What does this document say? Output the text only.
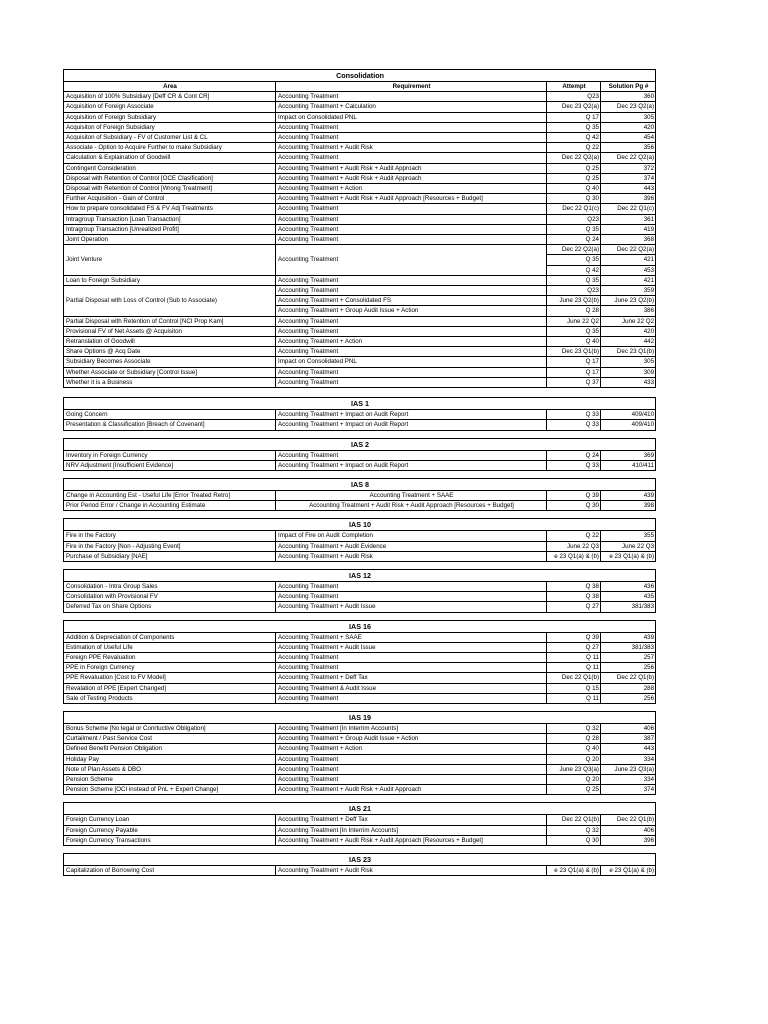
Consolidation			
Area	Requirement	Attempt	Solution Pg #
Acquisition of 100% Subsidiary [Deff CR & Cont CR]	Accounting Treatment	Q23	360
Acquisition of Foreign Associate	Accounting Treatment + Calculation	Dec 23 Q2(a)	Dec 23 Q2(a)
Acquisition of Foreign Subsidiary	Impact on Consolidated PNL	Q 17	305
Acquisiton of Foreign Subsidiary	Accounting Treatment	Q 35	420
Acquisiton of Subsidiary - FV of Customer List & CL	Accounting Treatment	Q 42	454
Associate - Option to Acquire Further to make Subsidiary	Accounting Treatment + Audit Risk	Q 22	356
Calculation & Explaination of Goodwill	Accounting Treatment	Dec 22 Q2(a)	Dec 22 Q2(a)
Contingent Consideration	Accounting Treatment + Audit Risk + Audit Approach	Q 25	372
Disposal with Retention of Control [OCE Clasification]	Accounting Treatment + Audit Risk + Audit Approach	Q 25	374
Disposal with Retention of Control [Wrong Treatment]	Accounting Treatment + Action	Q 40	443
Further Acquisition - Gain of Control	Accounting Treatment + Audit Risk + Audit Approach [Resources + Budget]	Q 30	396
How to prepare consolidated FS & FV Adj Treatments	Accounting Treatment	Dec 22 Q1(c)	Dec 22 Q1(c)
Intragroup Transaction [Loan Transaction]	Accounting Treatment	Q23	361
Intragroup Transaction [Unrealized Profit]	Accounting Treatment	Q 35	419
Joint Operation	Accounting Treatment	Q 24	368
Joint Venture	Accounting Treatment	Dec 22 Q2(a)	Dec 22 Q2(a)
		Q 35	421
		Q 42	453
Loan to Foreign Subsidiary	Accounting Treatment	Q 35	421
Partial Disposal with Loss of Control (Sub to Associate)	Accounting Treatment	Q23	359
	Accounting Treatment + Consolidated FS	June 23 Q2(b)	June 23 Q2(b)
	Accounting Treatment + Group Audit Issue + Action	Q 28	386
Partial Disposal with Retention of Control [NCI Prop Kam]	Accounting Treatment	June 22 Q2	June 22 Q2
Provisional FV of Net Assets @ Acquisiton	Accounting Treatment	Q 35	420
Retranslation of Goodwill	Accounting Treatment + Action	Q 40	442
Share Options @ Acq Date	Accounting Treatment	Dec 23 Q1(b)	Dec 23 Q1(b)
Subsidiary Becomes Associate	Impact on Consolidated PNL	Q 17	305
Whether Associate or Subsidiary [Control Issue]	Accounting Treatment	Q 17	309
Whether it is a Business	Accounting Treatment	Q 37	433
IAS 1			
Going Concern	Accounting Treatment + Impact on Audit Report	Q 33	409/410
Presentation & Classification [Breach of Covenant]	Accounting Treatment + Impact on Audit Report	Q 33	409/410
IAS 2			
Inventory in Foreign Currency	Accounting Treatment	Q 24	369
NRV Adjustment [Insufficient Evidence]	Accounting Treatment + Impact on Audit Report	Q 33	410/411
IAS 8			
Change in Accounting Est - Useful Life [Error Treated Retro]	Accounting Treatment + SAAE	Q 39	439
Prior Period Error / Change in Accounting Estimate	Accounting Treatment + Audit Risk + Audit Approach [Resources + Budget]	Q 30	398
IAS 10			
Fire in the Factory	Impact of Fire on Audit Completion	Q 22	355
Fire in the Factory [Non - Adjusting Event]	Accounting Treatment + Audit Evidence	June 22 Q3	June 22 Q3
Purchase of Subsidiary [NAE]	Accounting Treatment + Audit Risk	e 23 Q1(a) & (b)	e 23 Q1(a) & (b)
IAS 12			
Consolidation - Intra Group Sales	Accounting Treatment	Q 38	436
Consolidation with Provisional FV	Accounting Treatment	Q 38	435
Deferred Tax on Share Options	Accounting Treatment + Audit Issue	Q 27	381/383
IAS 16			
Addition & Depreciation of Components	Accounting Treatment + SAAE	Q 39	439
Estimation of Useful Life	Accounting Treatment + Audit Issue	Q 27	381/383
Foreign PPE Revaluation	Accounting Treatment	Q 11	257
PPE in Foreign Currency	Accounting Treatment	Q 11	256
PPE Revaluation [Cost to FV Model]	Accounting Treatment + Deff Tax	Dec 22 Q1(b)	Dec 22 Q1(b)
Revalation of PPE [Expert Changed]	Accounting Treatment & Audit Issue	Q 15	288
Sale of Testing Products	Accounting Treatment	Q 11	256
IAS 19			
Bonus Scheme [No legal or Conrtuctive Obligation]	Accounting Treatment [In Interrim Accounts]	Q 32	406
Curtailment / Past Service Cost	Accounting Treatment + Group Audit Issue + Action	Q 28	387
Defined Benefit Pension Obligation	Accounting Treatment + Action	Q 40	443
Holiday Pay	Accounting Treatment	Q 20	334
Note of Plan Assets & DBO	Accounting Treatment	June 23 Q3(a)	June 23 Q3(a)
Pension Scheme	Accounting Treatment	Q 20	334
Pension Scheme [OCI instead of PnL + Expert Change]	Accounting Treatment + Audit Risk + Audit Approach	Q 25	374
IAS 21			
Foreign Currency Loan	Accounting Treatment + Deff Tax	Dec 22 Q1(b)	Dec 22 Q1(b)
Foreign Currency Payable	Accounting Treatment [In Interrim Accounts]	Q 32	406
Foreign Currency Transactions	Accounting Treatment + Audit Risk + Audit Approach [Resources + Budget]	Q 30	396
IAS 23
Capitalization of Borrowing Cost	Accounting Treatment + Audit Risk	e 23 Q1(a) & (b)	e 23 Q1(a) & (b)
